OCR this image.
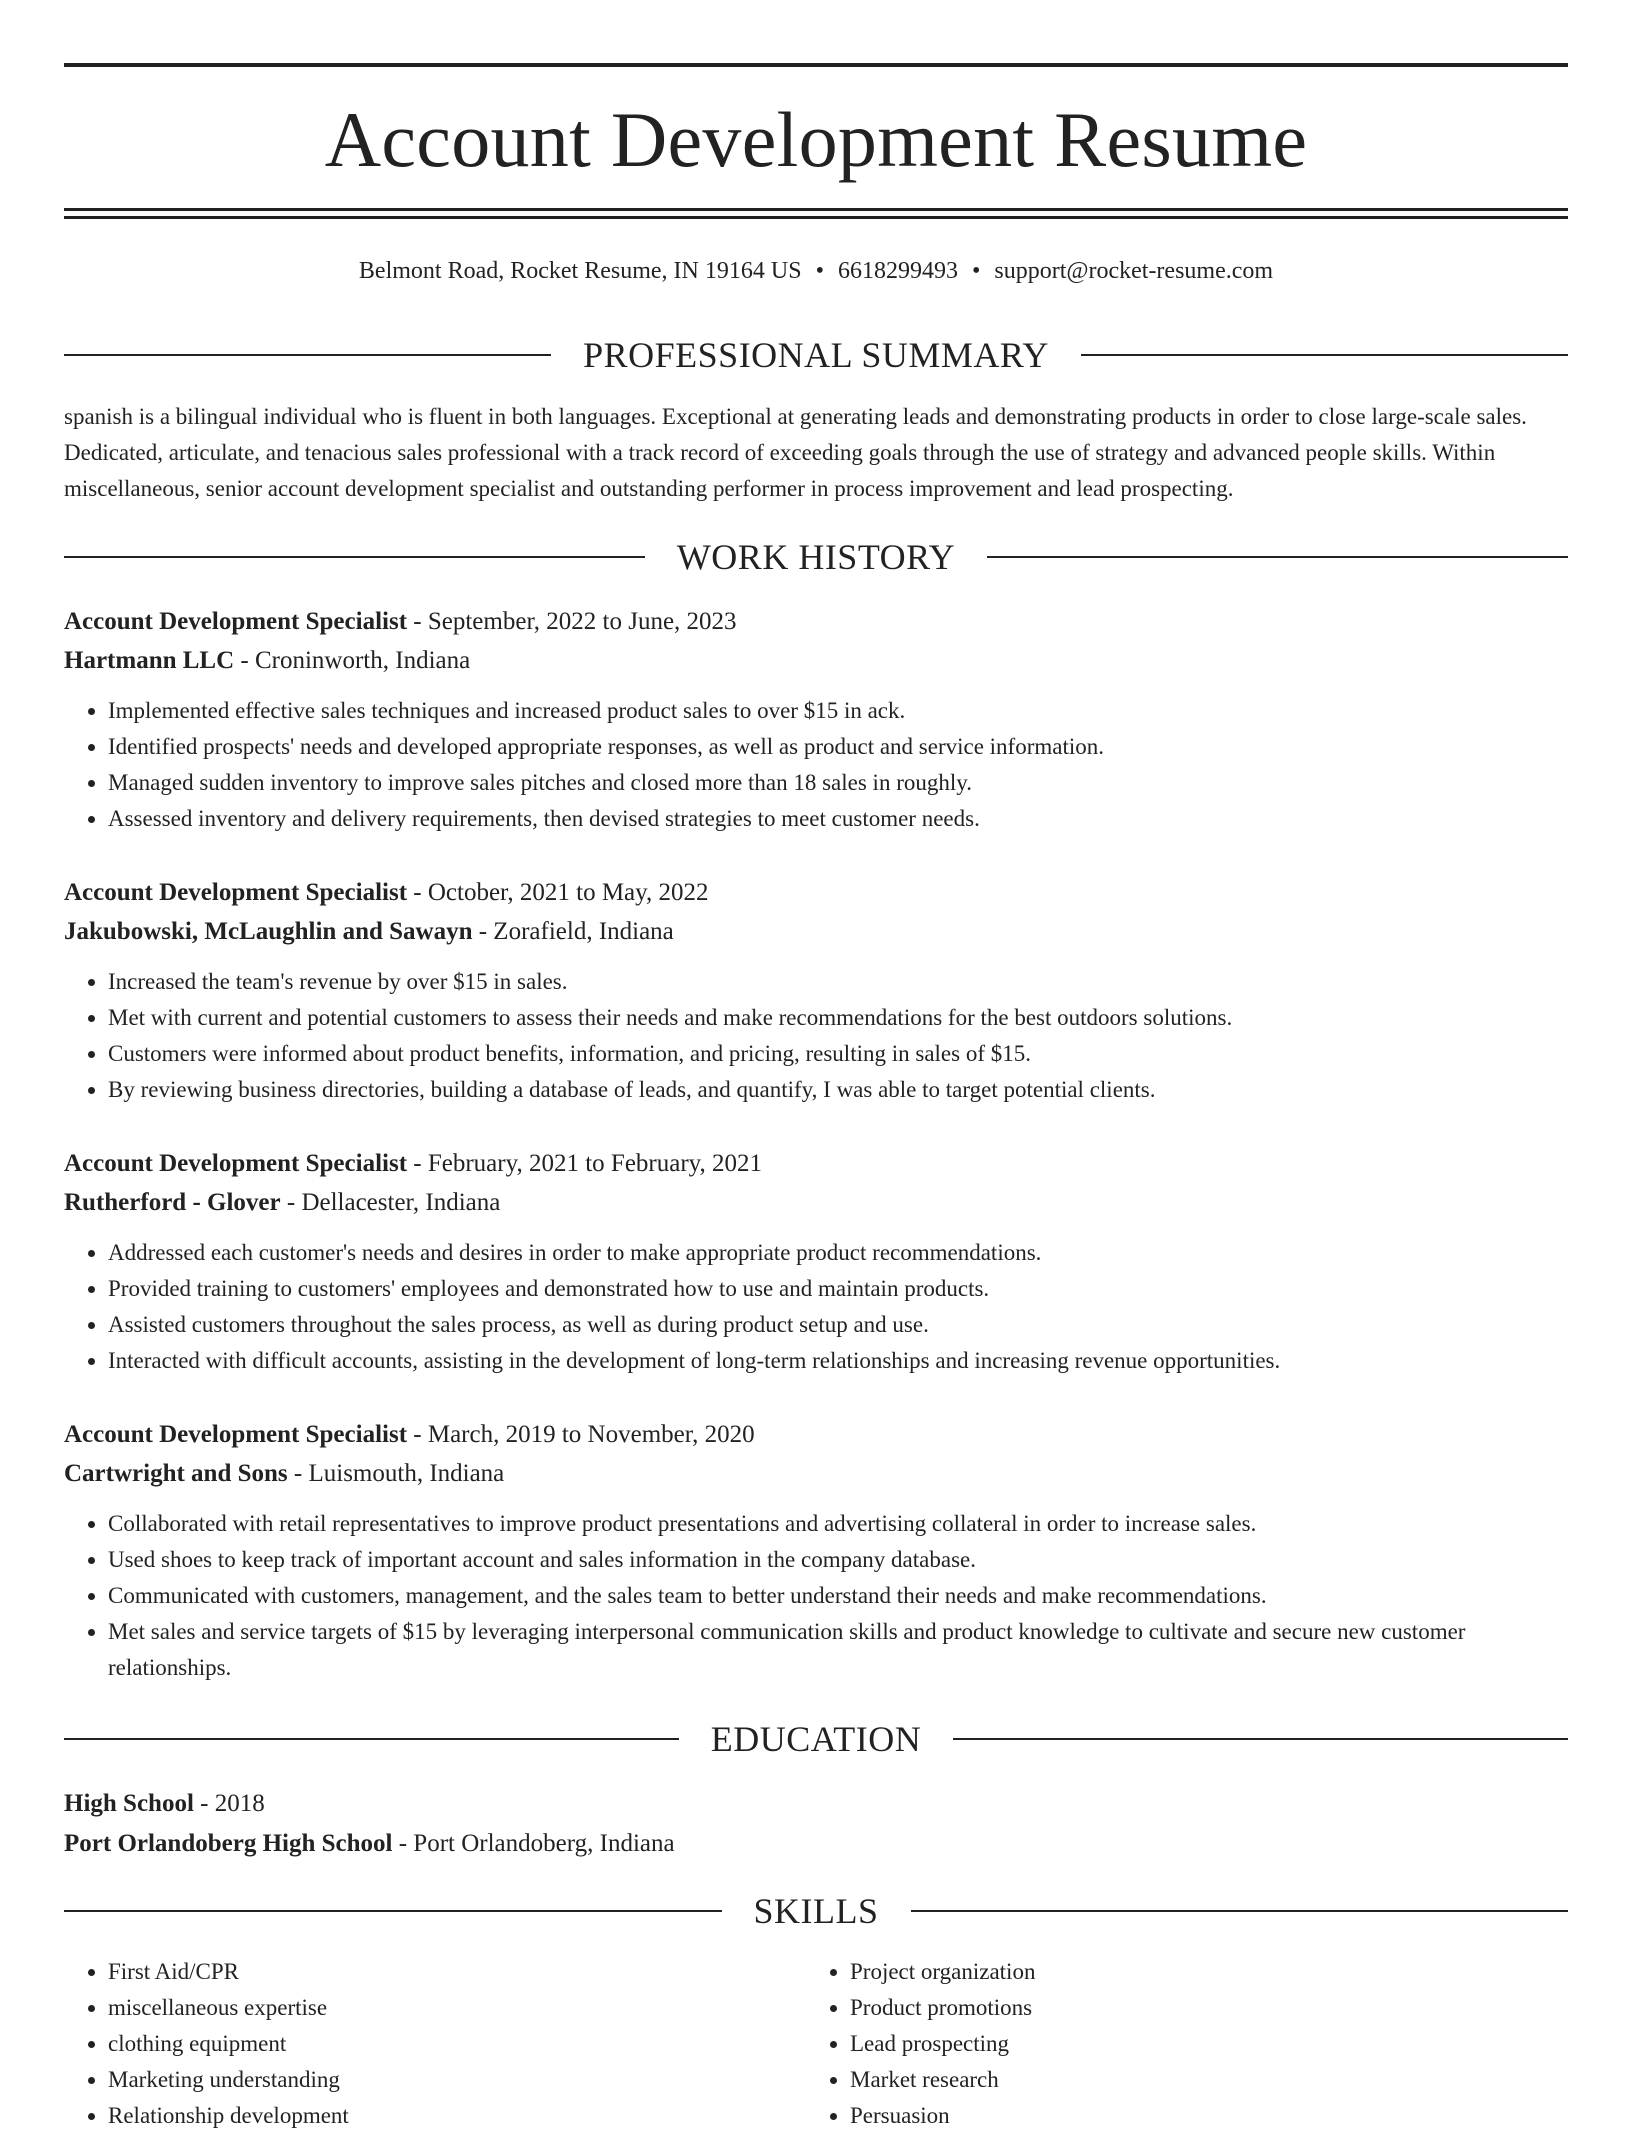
Account Development Resume
Belmont Road, Rocket Resume, IN 19164 US • 6618299493 • support@rocket-resume.com
PROFESSIONAL SUMMARY

spanish is a bilingual individual who is fluent in both languages. Exceptional at generating leads and demonstrating products in order to close large-scale sales. Dedicated, articulate, and tenacious sales professional with a track record of exceeding goals through the use of strategy and advanced people skills. Within miscellaneous, senior account development specialist and outstanding performer in process improvement and lead prospecting.

WORK HISTORY
Account Development Specialist - September, 2022 to June, 2023
Hartmann LLC - Croninworth, Indiana
• Implemented effective sales techniques and increased product sales to over $15 in ack.
• Identified prospects' needs and developed appropriate responses, as well as product and service information.
• Managed sudden inventory to improve sales pitches and closed more than 18 sales in roughly.
• Assessed inventory and delivery requirements, then devised strategies to meet customer needs.
Account Development Specialist - October, 2021 to May, 2022
Jakubowski, McLaughlin and Sawayn - Zorafield, Indiana
• Increased the team's revenue by over $15 in sales.
• Met with current and potential customers to assess their needs and make recommendations for the best outdoors solutions.
• Customers were informed about product benefits, information, and pricing, resulting in sales of $15.
• By reviewing business directories, building a database of leads, and quantify, I was able to target potential clients.
Account Development Specialist - February, 2021 to February, 2021
Rutherford - Glover - Dellacester, Indiana
• Addressed each customer's needs and desires in order to make appropriate product recommendations.
• Provided training to customers' employees and demonstrated how to use and maintain products.
• Assisted customers throughout the sales process, as well as during product setup and use.
• Interacted with difficult accounts, assisting in the development of long-term relationships and increasing revenue opportunities.
Account Development Specialist - March, 2019 to November, 2020
Cartwright and Sons - Luismouth, Indiana
• Collaborated with retail representatives to improve product presentations and advertising collateral in order to increase sales.
• Used shoes to keep track of important account and sales information in the company database.
• Communicated with customers, management, and the sales team to better understand their needs and make recommendations.
• Met sales and service targets of $15 by leveraging interpersonal communication skills and product knowledge to cultivate and secure new customer relationships.
EDUCATION
High School - 2018
Port Orlandoberg High School - Port Orlandoberg, Indiana
SKILLS
• First Aid/CPR
• miscellaneous expertise
• clothing equipment
• Marketing understanding
• Relationship development
• Project organization
• Product promotions
• Lead prospecting
• Market research
• Persuasion
